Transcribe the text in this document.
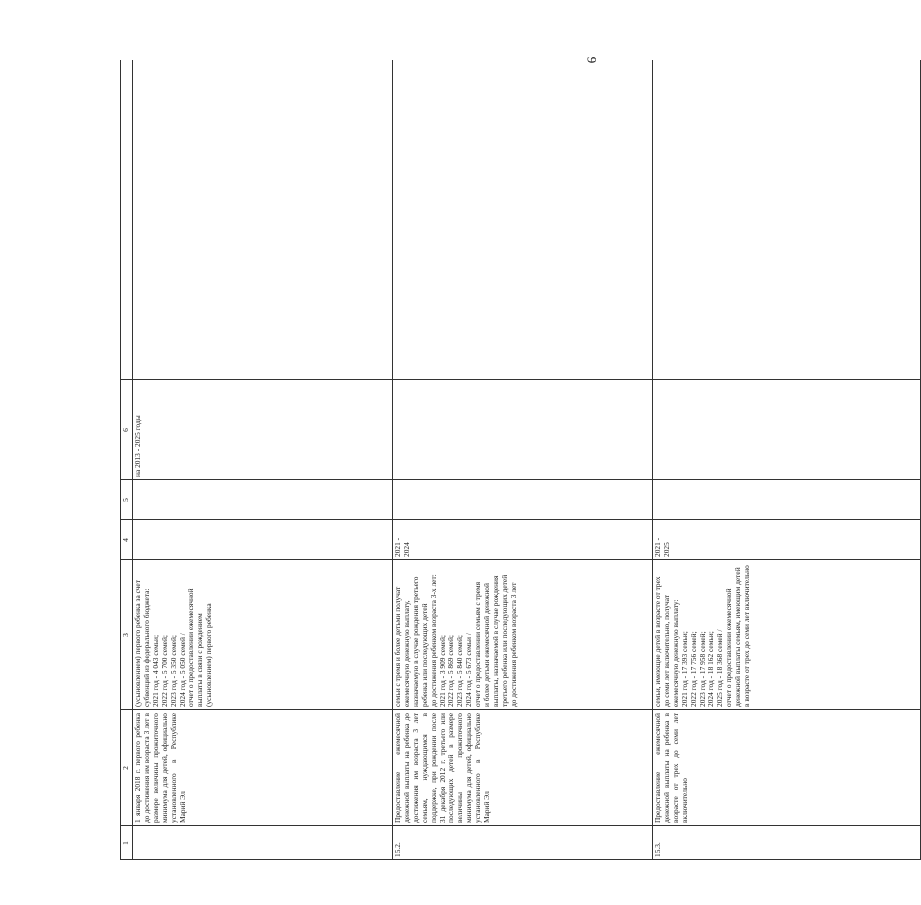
9
1
2
3
4
5
6
1 января 2018 г. первого ребенка до достижения им возраста 3 лет в размере величины прожиточного минимума для детей, официально установленного в Республике Марий Эл
(усыновлением) первого ребенка за счет субвенций из федерального бюджета: 2021 год - 4 043 семьи; 2022 год - 5 700 семей; 2023 год - 5 350 семей; 2024 год - 5 050 семей / отчет о предоставлении ежемесячной выплаты в связи с рождением (усыновлением) первого ребенка
на 2013 - 2025 годы
15.2.
Предоставление ежемесячной денежной выплаты на ребенка до достижения им возраста 3 лет семьям, нуждающимся в поддержке, при рождении после 31 декабря 2012 г. третьего или последующих детей в размере величины прожиточного минимума для детей, официально установленного в Республике Марий Эл
семьи с тремя и более детьми получат ежемесячную денежную выплату, назначаемую в случае рождения третьего ребенка или последующих детей до достижения ребенком возраста 3-х лет: 2021 год - 3 909 семей; 2022 год - 5 869 семей; 2023 год - 5 840 семей; 2024 год - 5 673 семьи / отчет о предоставлении семьям с тремя и более детьми ежемесячной денежной выплаты, назначаемой в случае рождения третьего ребенка или последующих детей до достижения ребенком возраста 3 лет
2021 - 2024
15.3.
Предоставление ежемесячной денежной выплаты на ребенка в возрасте от трех до семи лет включительно
семьи, имеющие детей в возрасте от трех до семи лет включительно, получат ежемесячную денежную выплату: 2021 год - 17 393 семьи; 2022 год - 17 756 семей; 2023 год - 17 958 семей; 2024 год - 18 162 семьи; 2025 год - 18 368 семей / отчет о предоставлении ежемесячной денежной выплаты семьям, имеющим детей в возрасте от трех до семи лет включительно
2021 - 2025
